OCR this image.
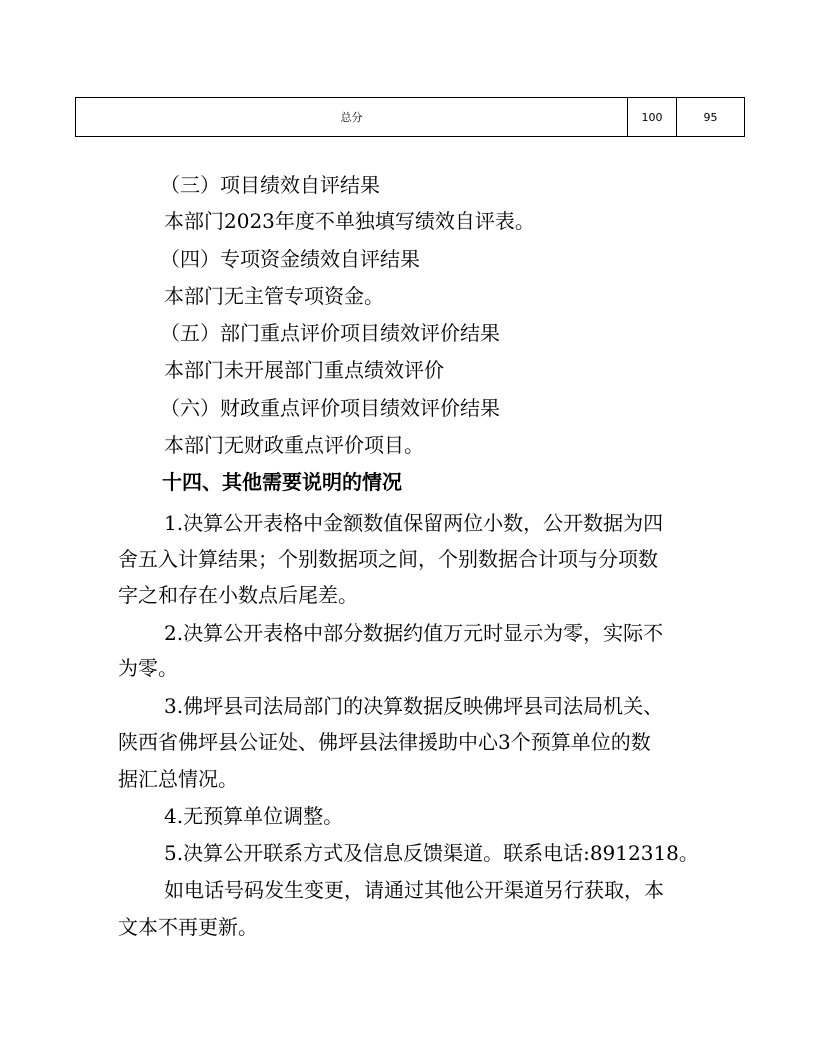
总分	100	95
（三）项目绩效自评结果
本部门2023年度不单独填写绩效自评表。
（四）专项资金绩效自评结果
本部门无主管专项资金。
（五）部门重点评价项目绩效评价结果
本部门未开展部门重点绩效评价
（六）财政重点评价项目绩效评价结果
本部门无财政重点评价项目。
十四、其他需要说明的情况
1.决算公开表格中金额数值保留两位小数，公开数据为四
舍五入计算结果；个别数据项之间，个别数据合计项与分项数
字之和存在小数点后尾差。
2.决算公开表格中部分数据约值万元时显示为零，实际不
为零。
3.佛坪县司法局部门的决算数据反映佛坪县司法局机关、
陕西省佛坪县公证处、佛坪县法律援助中心3个预算单位的数
据汇总情况。
4.无预算单位调整。
5.决算公开联系方式及信息反馈渠道。联系电话:8912318。
如电话号码发生变更，请通过其他公开渠道另行获取，本
文本不再更新。
